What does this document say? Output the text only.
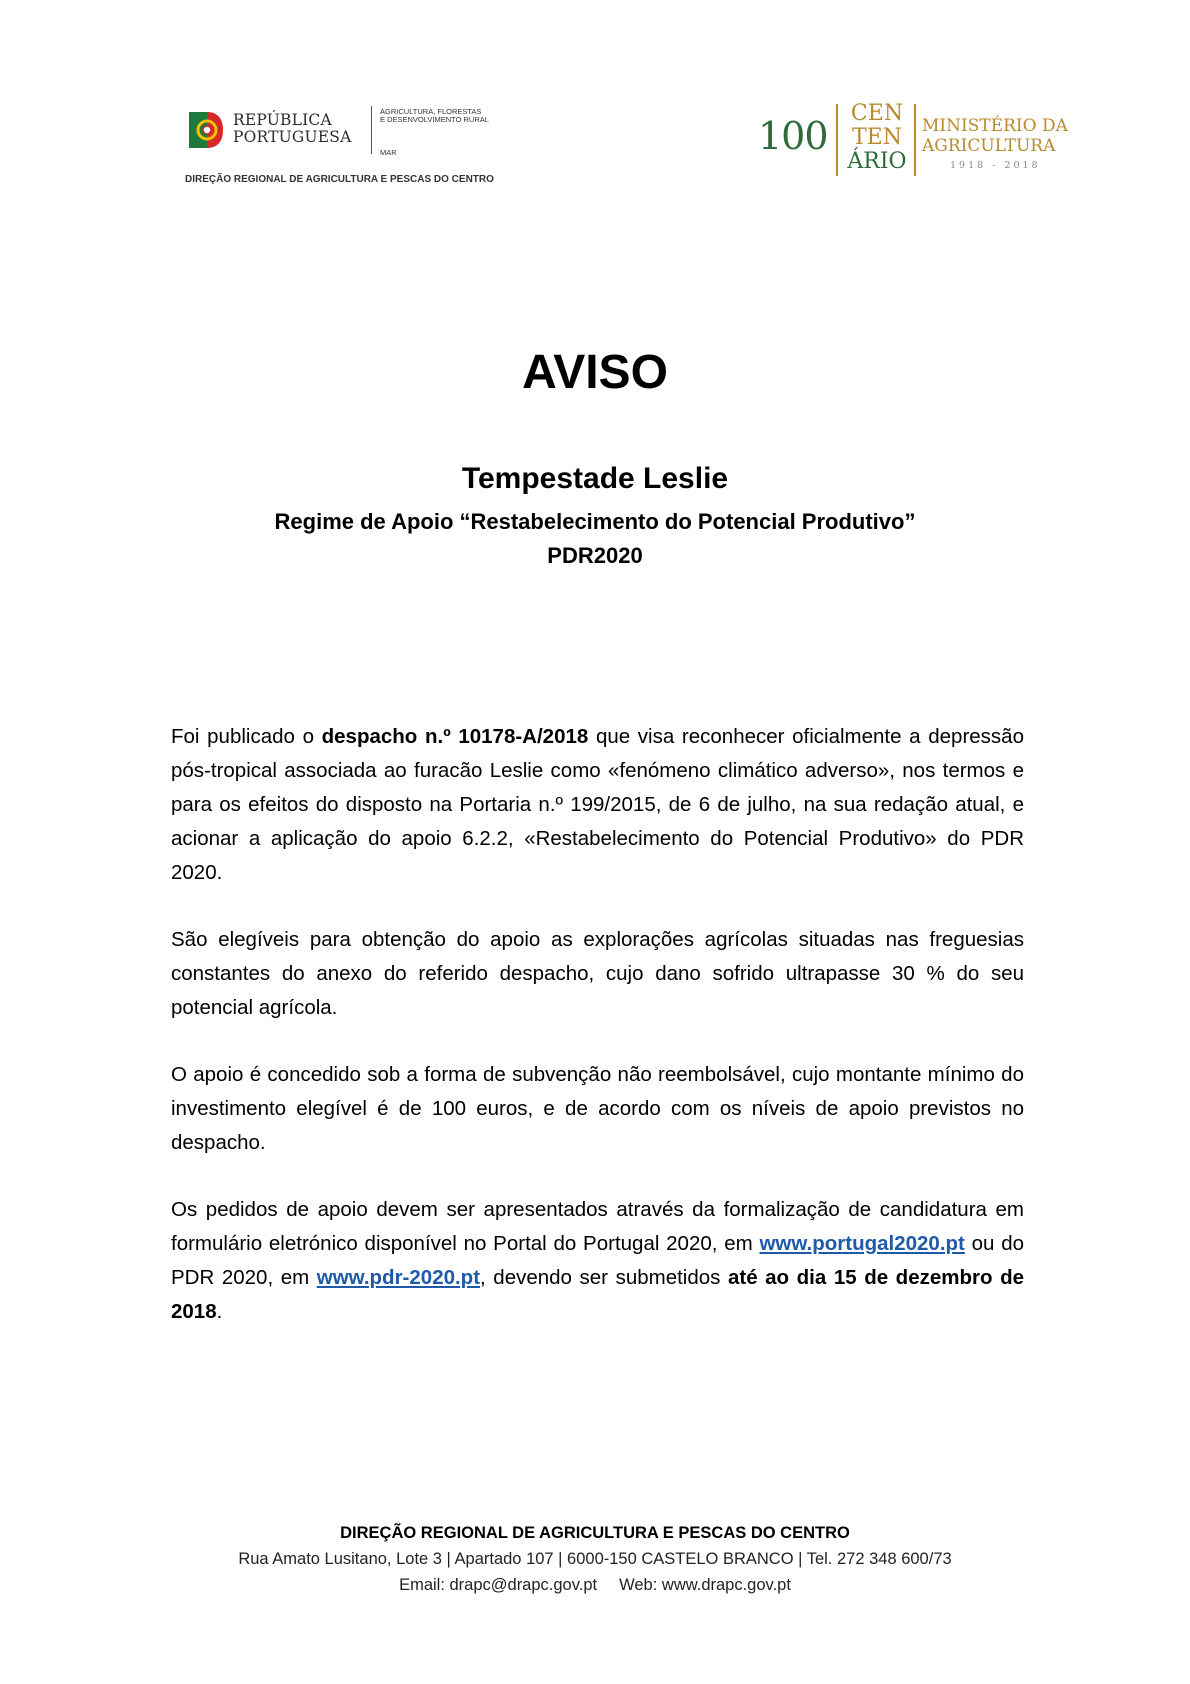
REPÚBLICA
PORTUGUESA
AGRICULTURA, FLORESTAS
E DESENVOLVIMENTO RURAL
MAR
DIREÇÃO REGIONAL DE AGRICULTURA E PESCAS DO CENTRO
100
CEN
TEN
ÁRIO
MINISTÉRIO DA
AGRICULTURA
1918 - 2018
AVISO
Tempestade Leslie
Regime de Apoio “Restabelecimento do Potencial Produtivo”
PDR2020

Foi publicado o despacho n.º 10178-A/2018 que visa reconhecer oficialmente a depressão pós-tropical associada ao furacão Leslie como «fenómeno climático adverso», nos termos e para os efeitos do disposto na Portaria n.º 199/2015, de 6 de julho, na sua redação atual, e acionar a aplicação do apoio 6.2.2, «Restabelecimento do Potencial Produtivo» do PDR 2020.

São elegíveis para obtenção do apoio as explorações agrícolas situadas nas freguesias constantes do anexo do referido despacho, cujo dano sofrido ultrapasse 30 % do seu potencial agrícola.

O apoio é concedido sob a forma de subvenção não reembolsável, cujo montante mínimo do investimento elegível é de 100 euros, e de acordo com os níveis de apoio previstos no despacho.

Os pedidos de apoio devem ser apresentados através da formalização de candidatura em formulário eletrónico disponível no Portal do Portugal 2020, em www.portugal2020.pt ou do PDR 2020, em www.pdr-2020.pt, devendo ser submetidos até ao dia 15 de dezembro de 2018.

DIREÇÃO REGIONAL DE AGRICULTURA E PESCAS DO CENTRO
Rua Amato Lusitano, Lote 3 | Apartado 107 | 6000-150 CASTELO BRANCO | Tel. 272 348 600/73
Email: drapc@drapc.gov.pt Web: www.drapc.gov.pt
